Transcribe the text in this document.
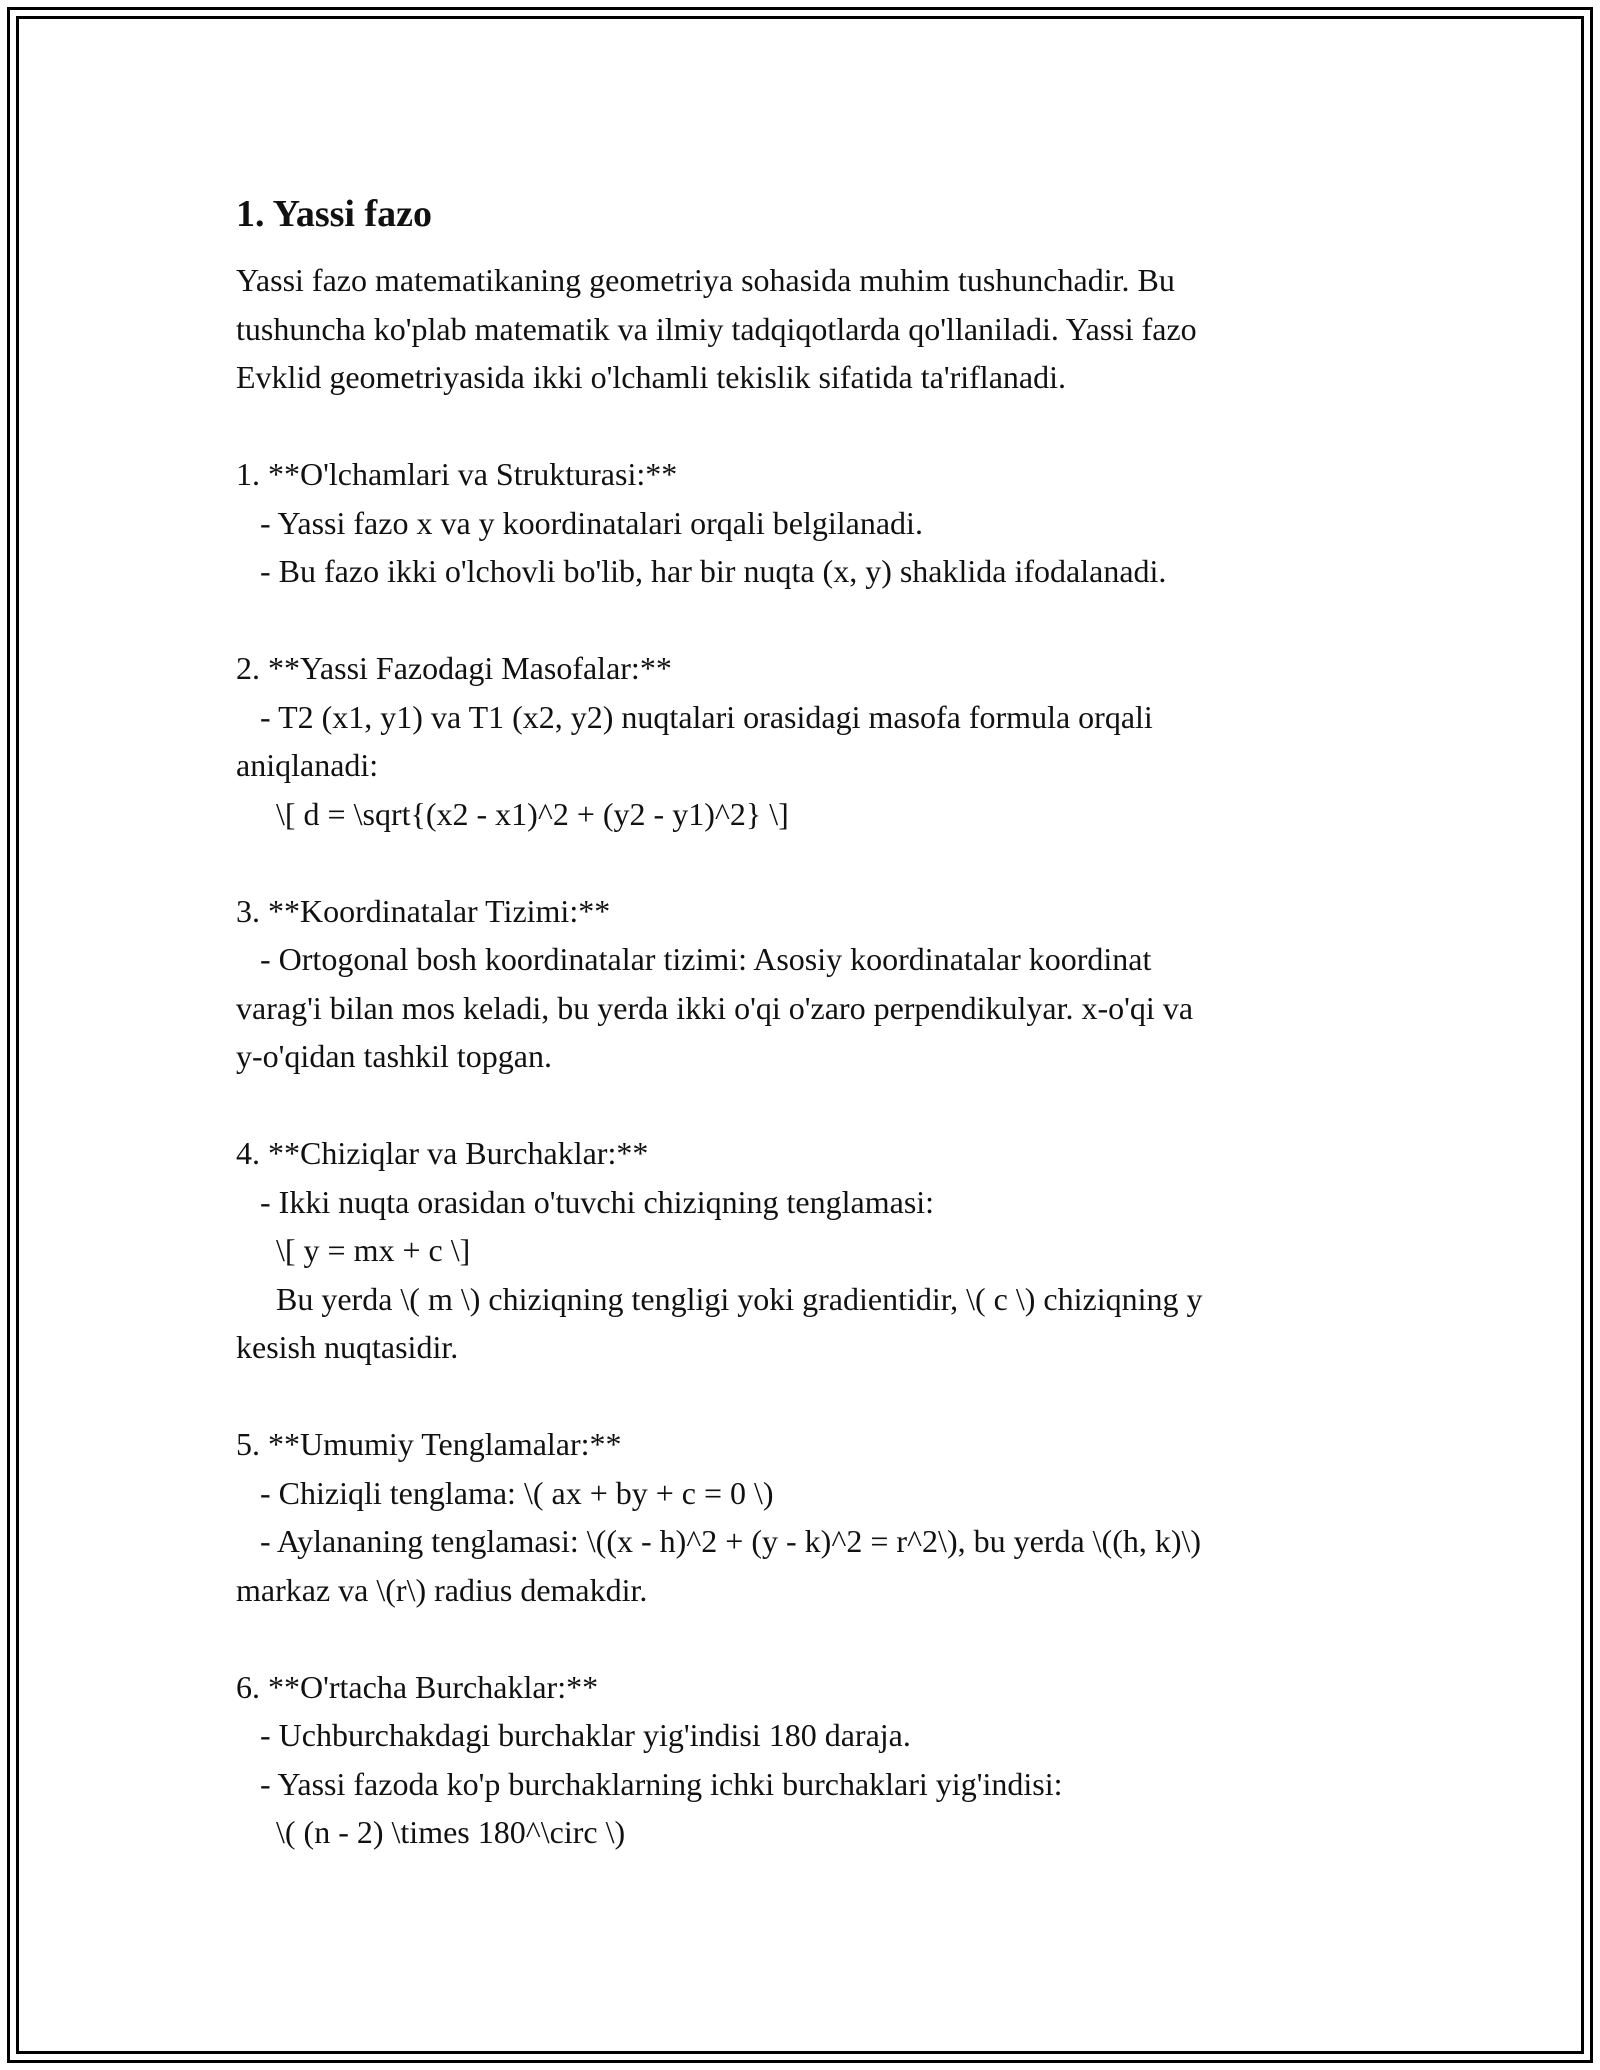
1. Yassi fazo

Yassi fazo matematikaning geometriya sohasida muhim tushunchadir. Bu
tushuncha ko'plab matematik va ilmiy tadqiqotlarda qo'llaniladi. Yassi fazo
Evklid geometriyasida ikki o'lchamli tekislik sifatida ta'riflanadi.

1. **O'lchamlari va Strukturasi:**

- Yassi fazo x va y koordinatalari orqali belgilanadi.
- Bu fazo ikki o'lchovli bo'lib, har bir nuqta (x, y) shaklida ifodalanadi.

2. **Yassi Fazodagi Masofalar:**

- T2 (x1, y1) va T1 (x2, y2) nuqtalari orasidagi masofa formula orqali
aniqlanadi:
\[ d = \sqrt{(x2 - x1)^2 + (y2 - y1)^2} \]

3. **Koordinatalar Tizimi:**

- Ortogonal bosh koordinatalar tizimi: Asosiy koordinatalar koordinat
varag'i bilan mos keladi, bu yerda ikki o'qi o'zaro perpendikulyar. x-o'qi va
y-o'qidan tashkil topgan.

4. **Chiziqlar va Burchaklar:**

- Ikki nuqta orasidan o'tuvchi chiziqning tenglamasi:
\[ y = mx + c \]
Bu yerda \( m \) chiziqning tengligi yoki gradientidir, \( c \) chiziqning y
kesish nuqtasidir.

5. **Umumiy Tenglamalar:**

- Chiziqli tenglama: \( ax + by + c = 0 \)
- Aylananing tenglamasi: \((x - h)^2 + (y - k)^2 = r^2\), bu yerda \((h, k)\)
markaz va \(r\) radius demakdir.

6. **O'rtacha Burchaklar:**

- Uchburchakdagi burchaklar yig'indisi 180 daraja.
- Yassi fazoda ko'p burchaklarning ichki burchaklari yig'indisi:
\( (n - 2) \times 180^\circ \)
